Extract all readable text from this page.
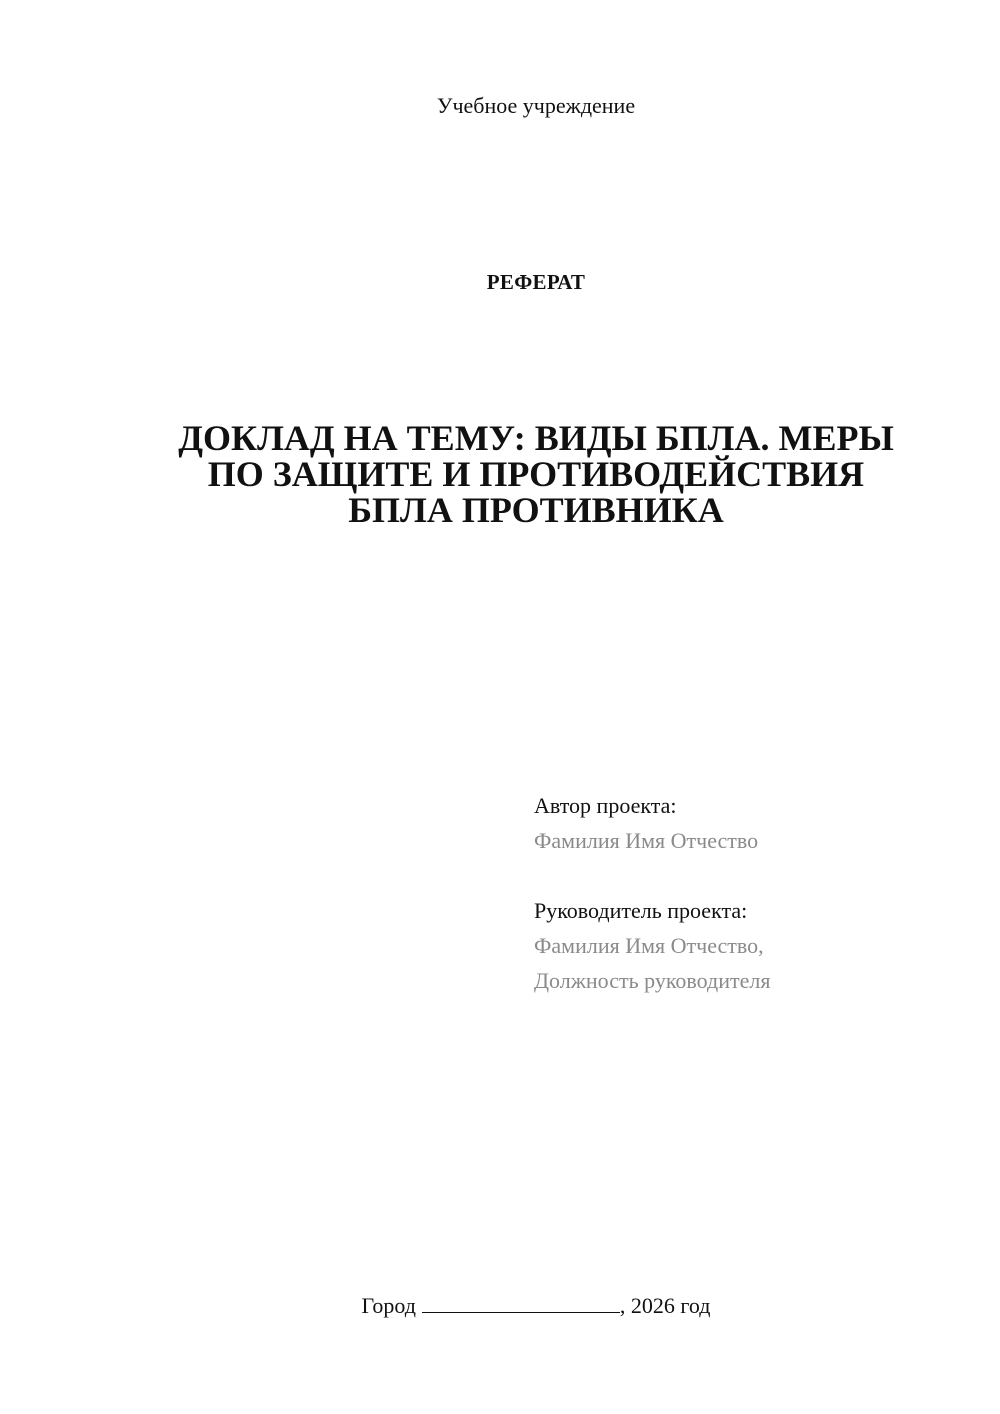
Учебное учреждение
РЕФЕРАТ
ДОКЛАД НА ТЕМУ: ВИДЫ БПЛА. МЕРЫ
ПО ЗАЩИТЕ И ПРОТИВОДЕЙСТВИЯ
БПЛА ПРОТИВНИКА
Автор проекта:
Фамилия Имя Отчество
Руководитель проекта:
Фамилия Имя Отчество,
Должность руководителя
Город	, 2026 год
